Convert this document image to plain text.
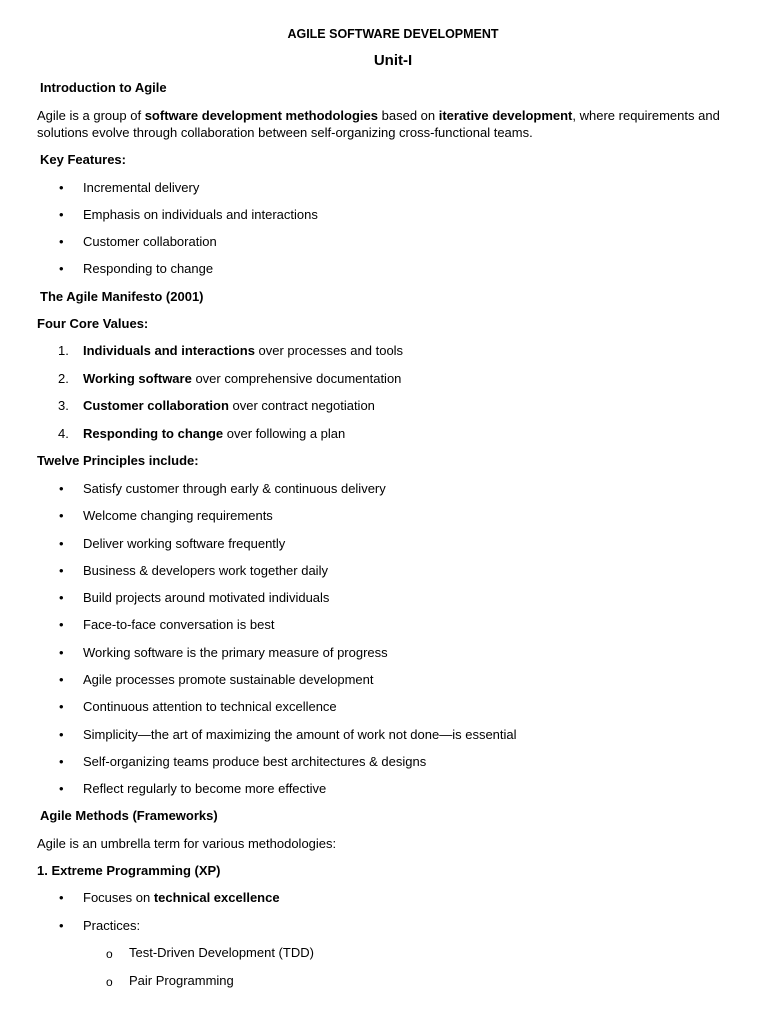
AGILE SOFTWARE DEVELOPMENT
Unit-I
Introduction to Agile
Agile is a group of software development methodologies based on iterative development, where requirements and solutions evolve through collaboration between self-organizing cross-functional teams.
Key Features:
• Incremental delivery
• Emphasis on individuals and interactions
• Customer collaboration
• Responding to change
The Agile Manifesto (2001)
Four Core Values:
1. Individuals and interactions over processes and tools
2. Working software over comprehensive documentation
3. Customer collaboration over contract negotiation
4. Responding to change over following a plan
Twelve Principles include:
• Satisfy customer through early & continuous delivery
• Welcome changing requirements
• Deliver working software frequently
• Business & developers work together daily
• Build projects around motivated individuals
• Face-to-face conversation is best
• Working software is the primary measure of progress
• Agile processes promote sustainable development
• Continuous attention to technical excellence
• Simplicity—the art of maximizing the amount of work not done—is essential
• Self-organizing teams produce best architectures & designs
• Reflect regularly to become more effective
Agile Methods (Frameworks)
Agile is an umbrella term for various methodologies:
1. Extreme Programming (XP)
• Focuses on technical excellence
• Practices:
o Test-Driven Development (TDD)
o Pair Programming
